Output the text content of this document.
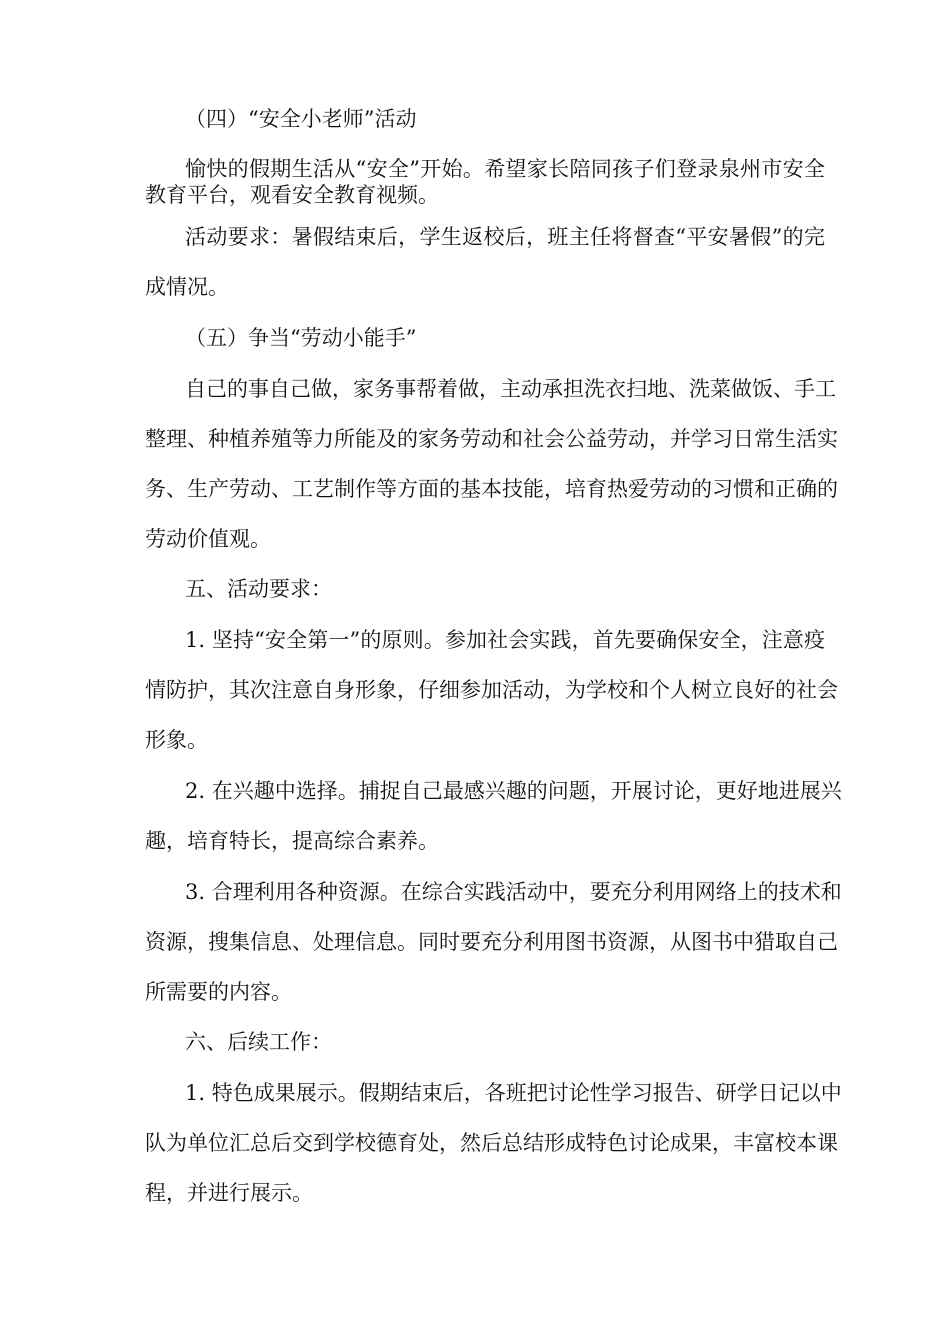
（四）“安全小老师”活动
愉快的假期生活从“安全”开始。希望家长陪同孩子们登录泉州市安全
教育平台，观看安全教育视频。
活动要求：暑假结束后，学生返校后，班主任将督查“平安暑假”的完
成情况。
（五）争当“劳动小能手”
自己的事自己做，家务事帮着做，主动承担洗衣扫地、洗菜做饭、手工
整理、种植养殖等力所能及的家务劳动和社会公益劳动，并学习日常生活实
务、生产劳动、工艺制作等方面的基本技能，培育热爱劳动的习惯和正确的
劳动价值观。
五、活动要求：
1. 坚持“安全第一”的原则。参加社会实践，首先要确保安全，注意疫
情防护，其次注意自身形象，仔细参加活动，为学校和个人树立良好的社会
形象。
2. 在兴趣中选择。捕捉自己最感兴趣的问题，开展讨论，更好地进展兴
趣，培育特长，提高综合素养。
3. 合理利用各种资源。在综合实践活动中，要充分利用网络上的技术和
资源，搜集信息、处理信息。同时要充分利用图书资源，从图书中猎取自己
所需要的内容。
六、后续工作：
1. 特色成果展示。假期结束后，各班把讨论性学习报告、研学日记以中
队为单位汇总后交到学校德育处，然后总结形成特色讨论成果，丰富校本课
程，并进行展示。
